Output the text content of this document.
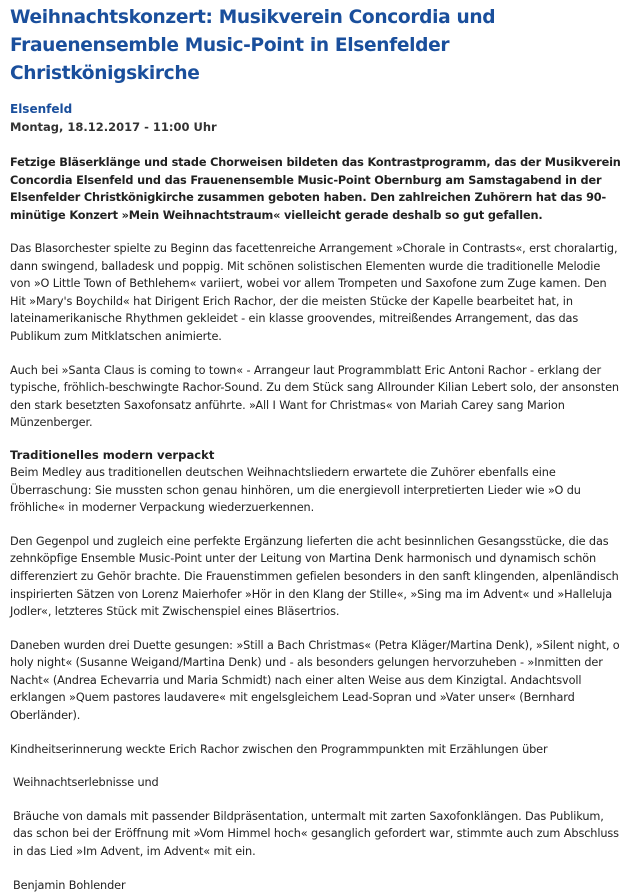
Weihnachtskonzert: Musikverein Concordia und Frauenensemble Music-Point in Elsenfelder Christkönigskirche
Elsenfeld
Montag, 18.12.2017 - 11:00 Uhr

Fetzige Bläserklänge und stade Chorweisen bildeten das Kontrastprogramm, das der Musikverein Concordia Elsenfeld und das Frauenensemble Music-Point Obernburg am Samstagabend in der Elsenfelder Christkönigkirche zusammen geboten haben. Den zahlreichen Zuhörern hat das 90-minütige Konzert »Mein Weihnachtstraum« vielleicht gerade deshalb so gut gefallen.

Das Blasorchester spielte zu Beginn das facettenreiche Arrangement »Chorale in Contrasts«, erst choralartig, dann swingend, balladesk und poppig. Mit schönen solistischen Elementen wurde die traditionelle Melodie von »O Little Town of Bethlehem« variiert, wobei vor allem Trompeten und Saxofone zum Zuge kamen. Den Hit »Mary's Boychild« hat Dirigent Erich Rachor, der die meisten Stücke der Kapelle bearbeitet hat, in lateinamerikanische Rhythmen gekleidet - ein klasse groovendes, mitreißendes Arrangement, das das Publikum zum Mitklatschen animierte.

Auch bei »Santa Claus is coming to town« - Arrangeur laut Programmblatt Eric Antoni Rachor - erklang der typische, fröhlich-beschwingte Rachor-Sound. Zu dem Stück sang Allrounder Kilian Lebert solo, der ansonsten den stark besetzten Saxofonsatz anführte. »All I Want for Christmas« von Mariah Carey sang Marion Münzenberger.

Traditionelles modern verpackt

Beim Medley aus traditionellen deutschen Weihnachtsliedern erwartete die Zuhörer ebenfalls eine Überraschung: Sie mussten schon genau hinhören, um die energievoll interpretierten Lieder wie »O du fröhliche« in moderner Verpackung wiederzuerkennen.

Den Gegenpol und zugleich eine perfekte Ergänzung lieferten die acht besinnlichen Gesangsstücke, die das zehnköpfige Ensemble Music-Point unter der Leitung von Martina Denk harmonisch und dynamisch schön differenziert zu Gehör brachte. Die Frauenstimmen gefielen besonders in den sanft klingenden, alpenländisch inspirierten Sätzen von Lorenz Maierhofer »Hör in den Klang der Stille«, »Sing ma im Advent« und »Halleluja Jodler«, letzteres Stück mit Zwischenspiel eines Bläsertrios.

Daneben wurden drei Duette gesungen: »Still a Bach Christmas« (Petra Kläger/Martina Denk), »Silent night, o holy night« (Susanne Weigand/Martina Denk) und - als besonders gelungen hervorzuheben - »Inmitten der Nacht« (Andrea Echevarria und Maria Schmidt) nach einer alten Weise aus dem Kinzigtal. Andachtsvoll erklangen »Quem pastores laudavere« mit engelsgleichem Lead-Sopran und »Vater unser« (Bernhard Oberländer).

Kindheitserinnerung weckte Erich Rachor zwischen den Programmpunkten mit Erzählungen über

Weihnachtserlebnisse und

Bräuche von damals mit passender Bildpräsentation, untermalt mit zarten Saxofonklängen. Das Publikum, das schon bei der Eröffnung mit »Vom Himmel hoch« gesanglich gefordert war, stimmte auch zum Abschluss in das Lied »Im Advent, im Advent« mit ein.

Benjamin Bohlender
